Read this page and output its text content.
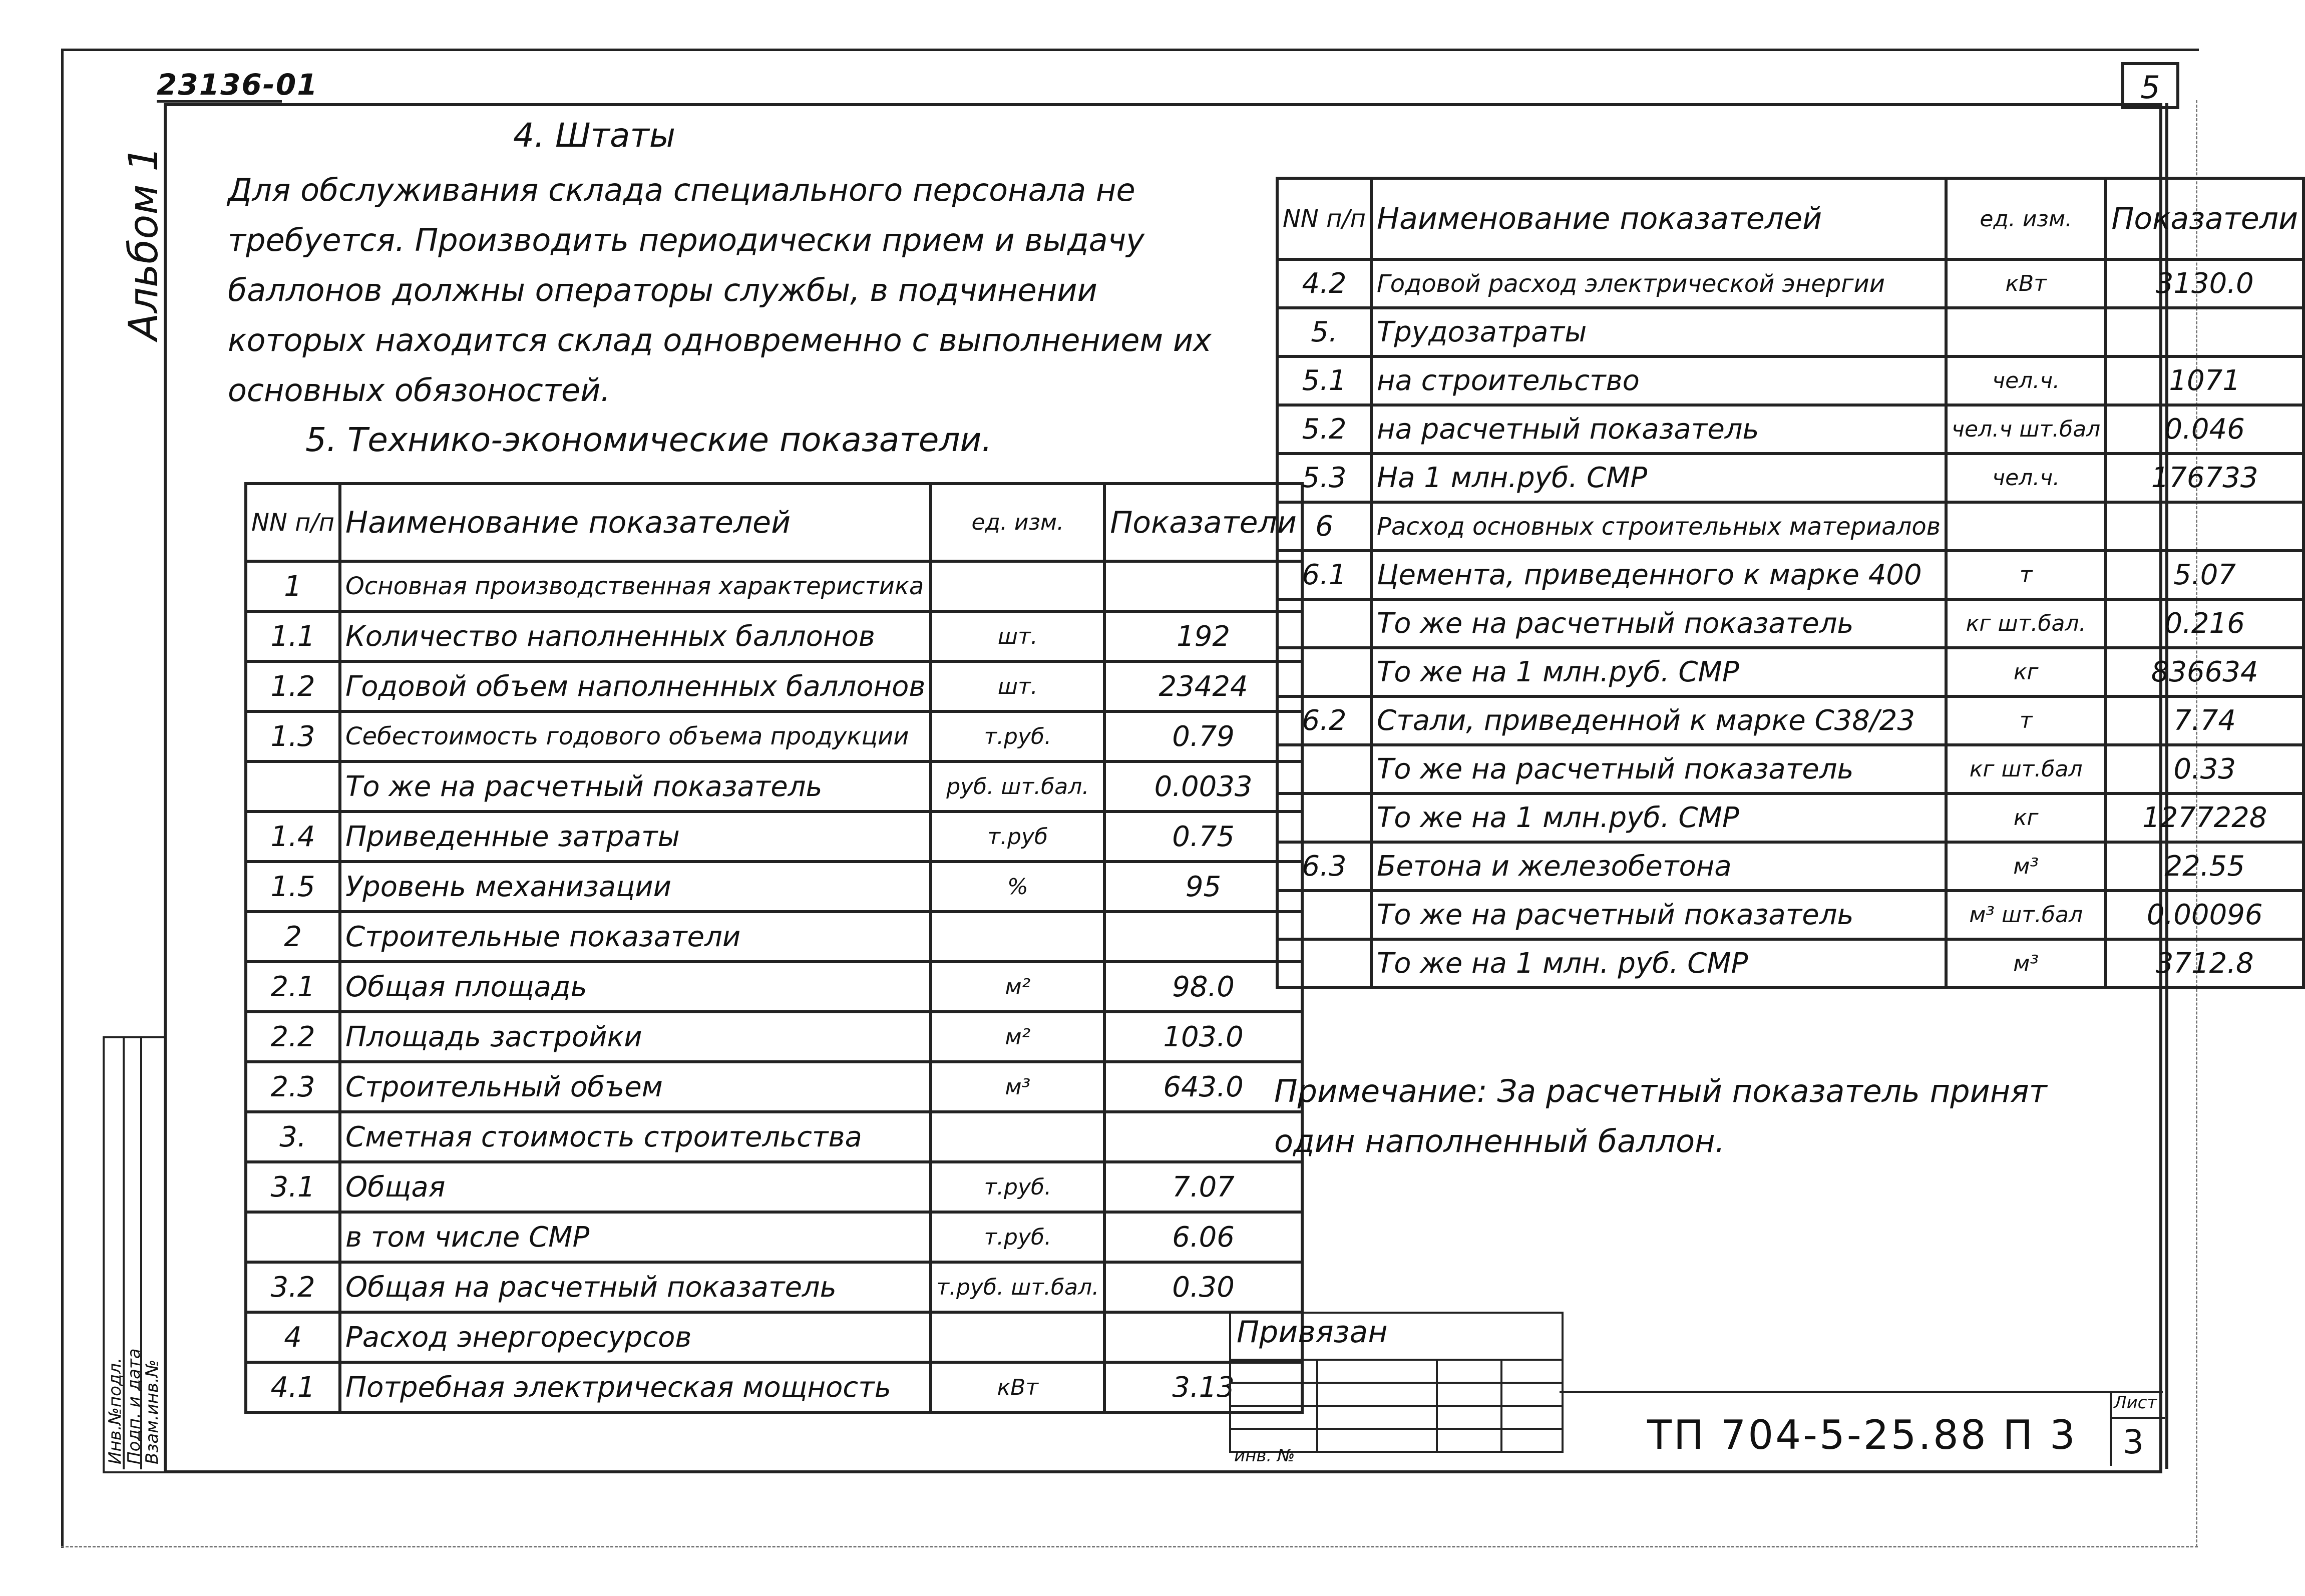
23136-01	5
Альбом 1
4. Штаты
Для обслуживания склада специального персонала не требуется. Производить периодически прием и выдачу баллонов должны операторы службы, в подчинении которых находится склад одновременно с выполнением их основных обязоностей.
5. Технико-экономические показатели.
NN п/п	Наименование показателей	ед. изм.	Показатели
1	Основная производственная характеристика		
1.1	Количество наполненных баллонов	шт.	192
1.2	Годовой объем наполненных баллонов	шт.	23424
1.3	Себестоимость годового объема продукции	т.руб.	0.79
	То же на расчетный показатель	руб. шт.бал.	0.0033
1.4	Приведенные затраты	т.руб	0.75
1.5	Уровень механизации	%	95
2	Строительные показатели		
2.1	Общая площадь	м²	98.0
2.2	Площадь застройки	м²	103.0
2.3	Строительный объем	м³	643.0
3.	Сметная стоимость строительства		
3.1	Общая	т.руб.	7.07
	в том числе СМР	т.руб.	6.06
3.2	Общая на расчетный показатель	т.руб. шт.бал.	0.30
4	Расход энергоресурсов		
4.1	Потребная электрическая мощность	кВт	3.13
NN п/п	Наименование показателей	ед. изм.	Показатели
4.2	Годовой расход электрической энергии	кВт	3130.0
5.	Трудозатраты		
5.1	на строительство	чел.ч.	1071
5.2	на расчетный показатель	чел.ч шт.бал	0.046
5.3	На 1 млн.руб. СМР	чел.ч.	176733
6	Расход основных строительных материалов		
6.1	Цемента, приведенного к марке 400	т	5.07
	То же на расчетный показатель	кг шт.бал.	0.216
	То же на 1 млн.руб. СМР	кг	836634
6.2	Стали, приведенной к марке С38/23	т	7.74
	То же на расчетный показатель	кг шт.бал	0.33
	То же на 1 млн.руб. СМР	кг	1277228
6.3	Бетона и железобетона	м³	22.55
	То же на расчетный показатель	м³ шт.бал	0.00096
	То же на 1 млн. руб. СМР	м³	3712.8
Примечание: За расчетный показатель принят один наполненный баллон.

Привязан
инв. №	ТП 704-5-25.88 П 3
Лист
3
Инв.№подл.
Подп. и дата
Взам.инв.№
